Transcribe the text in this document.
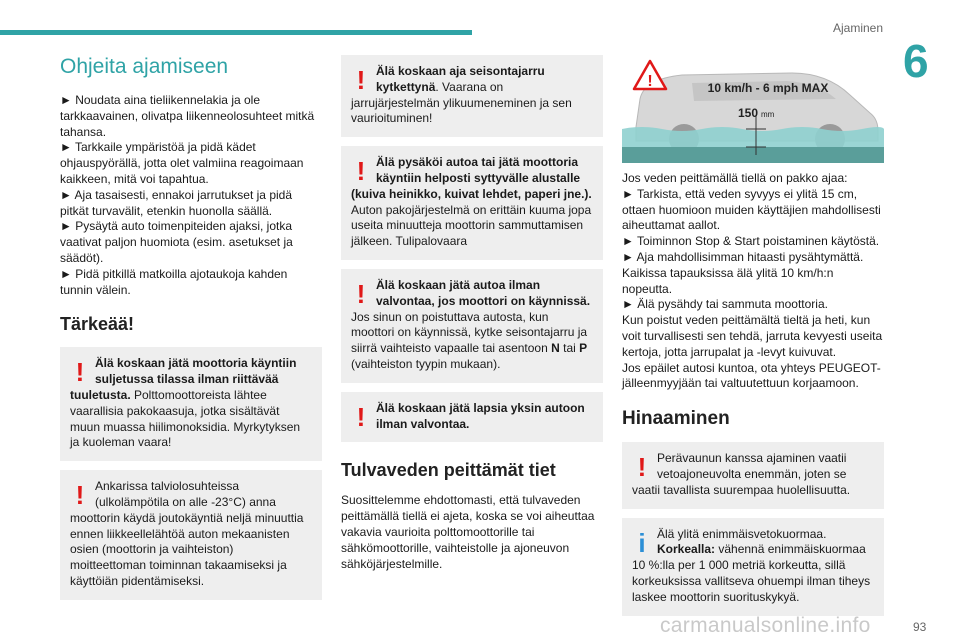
Ajaminen
6
Ohjeita ajamiseen

► Noudata aina tieliikennelakia ja ole tarkkaavainen, olivatpa liikenneolosuhteet mitkä tahansa.
► Tarkkaile ympäristöä ja pidä kädet ohjauspyörällä, jotta olet valmiina reagoimaan kaikkeen, mitä voi tapahtua.
► Aja tasaisesti, ennakoi jarrutukset ja pidä pitkät turvavälit, etenkin huonolla säällä.
► Pysäytä auto toimenpiteiden ajaksi, jotka vaativat paljon huomiota (esim. asetukset ja säädöt).
► Pidä pitkillä matkoilla ajotaukoja kahden tunnin välein.

Tärkeää!
! Älä koskaan jätä moottoria käyntiin suljetussa tilassa ilman riittävää tuuletusta. Polttomoottoreista lähtee vaarallisia pakokaasuja, jotka sisältävät muun muassa hiilimonoksidia. Myrkytyksen ja kuoleman vaara!
! Ankarissa talviolosuhteissa (ulkolämpötila on alle -23°C) anna moottorin käydä joutokäyntiä neljä minuuttia ennen liikkeellelähtöä auton mekaanisten osien (moottorin ja vaihteiston) moitteettoman toiminnan takaamiseksi ja käyttöiän pidentämiseksi.
! Älä koskaan aja seisontajarru kytkettynä. Vaarana on jarrujärjestelmän ylikuumeneminen ja sen vaurioituminen!
! Älä pysäköi autoa tai jätä moottoria käyntiin helposti syttyvälle alustalle (kuiva heinikko, kuivat lehdet, paperi jne.). Auton pakojärjestelmä on erittäin kuuma jopa useita minuutteja moottorin sammuttamisen jälkeen. Tulipalovaara
! Älä koskaan jätä autoa ilman valvontaa, jos moottori on käynnissä. Jos sinun on poistuttava autosta, kun moottori on käynnissä, kytke seisontajarru ja siirrä vaihteisto vapaalle tai asentoon N tai P (vaihteiston tyypin mukaan).
! Älä koskaan jätä lapsia yksin autoon ilman valvontaa.
Tulvaveden peittämät tiet

Suosittelemme ehdottomasti, että tulvaveden peittämällä tiellä ei ajeta, koska se voi aiheuttaa vakavia vaurioita polttomoottorille tai sähkömoottorille, vaihteistolle ja ajoneuvon sähköjärjestelmille.

!	10 km/h - 6 mph MAX
150 mm

Jos veden peittämällä tiellä on pakko ajaa:
► Tarkista, että veden syvyys ei ylitä 15 cm, ottaen huomioon muiden käyttäjien mahdollisesti aiheuttamat aallot.
► Toiminnon Stop & Start poistaminen käytöstä.
► Aja mahdollisimman hitaasti pysähtymättä. Kaikissa tapauksissa älä ylitä 10 km/h:n nopeutta.
► Älä pysähdy tai sammuta moottoria.
Kun poistut veden peittämältä tieltä ja heti, kun voit turvallisesti sen tehdä, jarruta kevyesti useita kertoja, jotta jarrupalat ja -levyt kuivuvat.
Jos epäilet autosi kuntoa, ota yhteys PEUGEOT-jälleenmyyjään tai valtuutettuun korjaamoon.

Hinaaminen
! Perävaunun kanssa ajaminen vaatii vetoajoneuvolta enemmän, joten se vaatii tavallista suurempaa huolellisuutta.
i Älä ylitä enimmäisvetokuormaa.
Korkealla: vähennä enimmäiskuormaa 10 %:lla per 1 000 metriä korkeutta, sillä korkeuksissa vallitseva ohuempi ilman tiheys laskee moottorin suorituskykyä.
carmanualsonline.info	93
